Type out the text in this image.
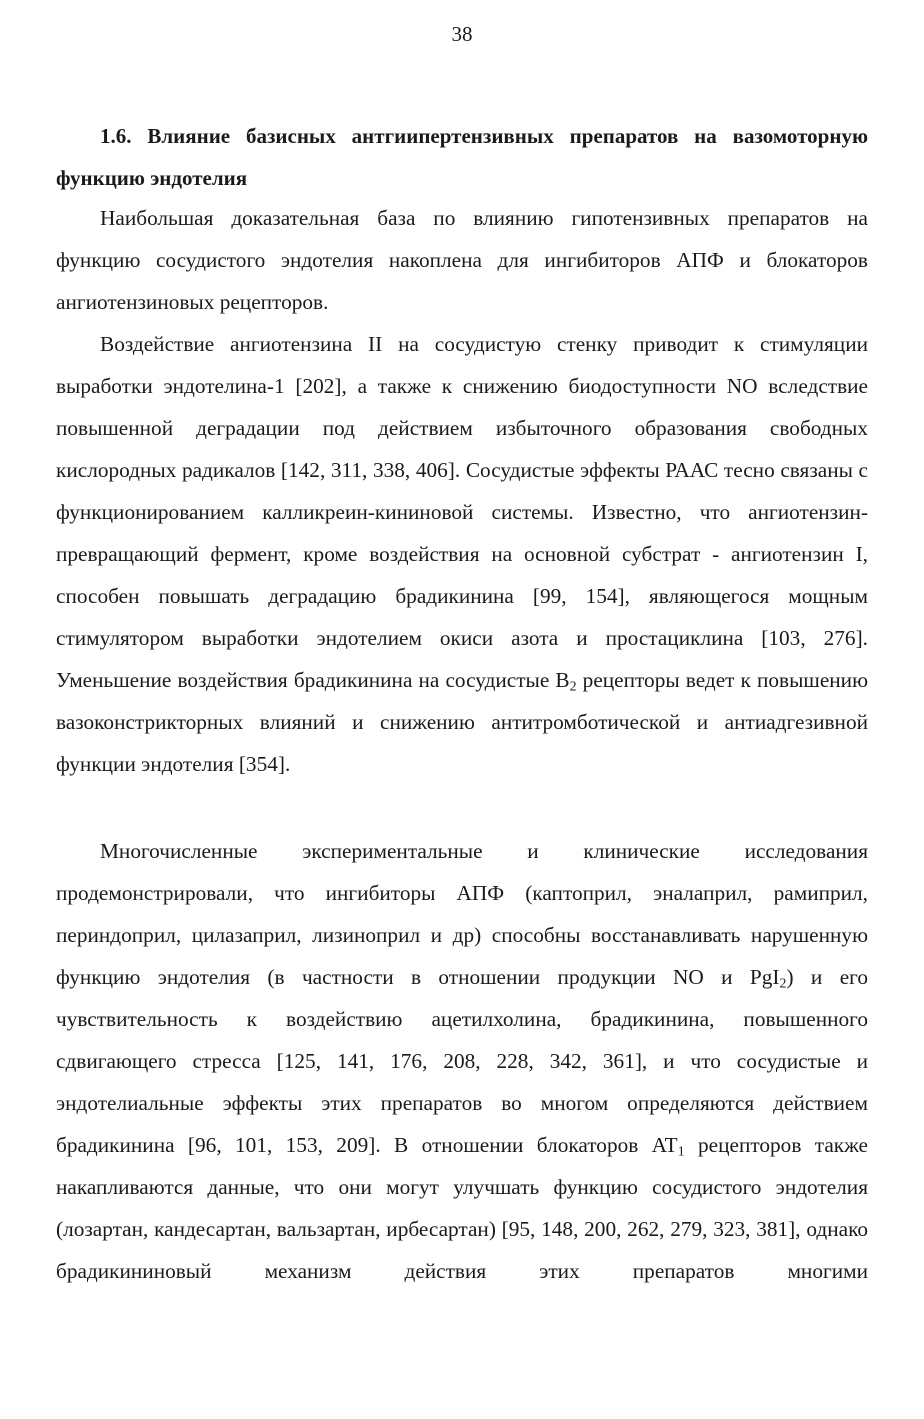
38
1.6. Влияние базисных антгиипертензивных препаратов на вазомоторную функцию эндотелия

Наибольшая доказательная база по влиянию гипотензивных препаратов на функцию сосудистого эндотелия накоплена для ингибиторов АПФ и блокаторов ангиотензиновых рецепторов.

Воздействие ангиотензина II на сосудистую стенку приводит к стимуляции выработки эндотелина-1 [202], а также к снижению биодоступности NO вследствие повышенной деградации под действием избыточного образования свободных кислородных радикалов [142, 311, 338, 406]. Сосудистые эффекты РААС тесно связаны с функционированием калликреин-кининовой системы. Известно, что ангиотензин-превращающий фермент, кроме воздействия на основной субстрат - ангиотензин I, способен повышать деградацию брадикинина [99, 154], являющегося мощным стимулятором выработки эндотелием окиси азота и простациклина [103, 276]. Уменьшение воздействия брадикинина на сосудистые $B_2$ рецепторы ведет к повышению вазоконстрикторных влияний и снижению антитромботической и антиадгезивной функции эндотелия [354].

Многочисленные экспериментальные и клинические исследования продемонстрировали, что ингибиторы АПФ (каптоприл, эналаприл, рамиприл, периндоприл, цилазаприл, лизиноприл и др) способны восстанавливать нарушенную функцию эндотелия (в частности в отношении продукции NO и PgI$_2$) и его чувствительность к воздействию ацетилхолина, брадикинина, повышенного сдвигающего стресса [125, 141, 176, 208, 228, 342, 361], и что сосудистые и эндотелиальные эффекты этих препаратов во многом определяются действием брадикинина [96, 101, 153, 209]. В отношении блокаторов $AT_1$ рецепторов также накапливаются данные, что они могут улучшать функцию сосудистого эндотелия (лозартан, кандесартан, вальзартан, ирбесартан) [95, 148, 200, 262, 279, 323, 381], однако брадикининовый механизм действия этих препаратов многими
